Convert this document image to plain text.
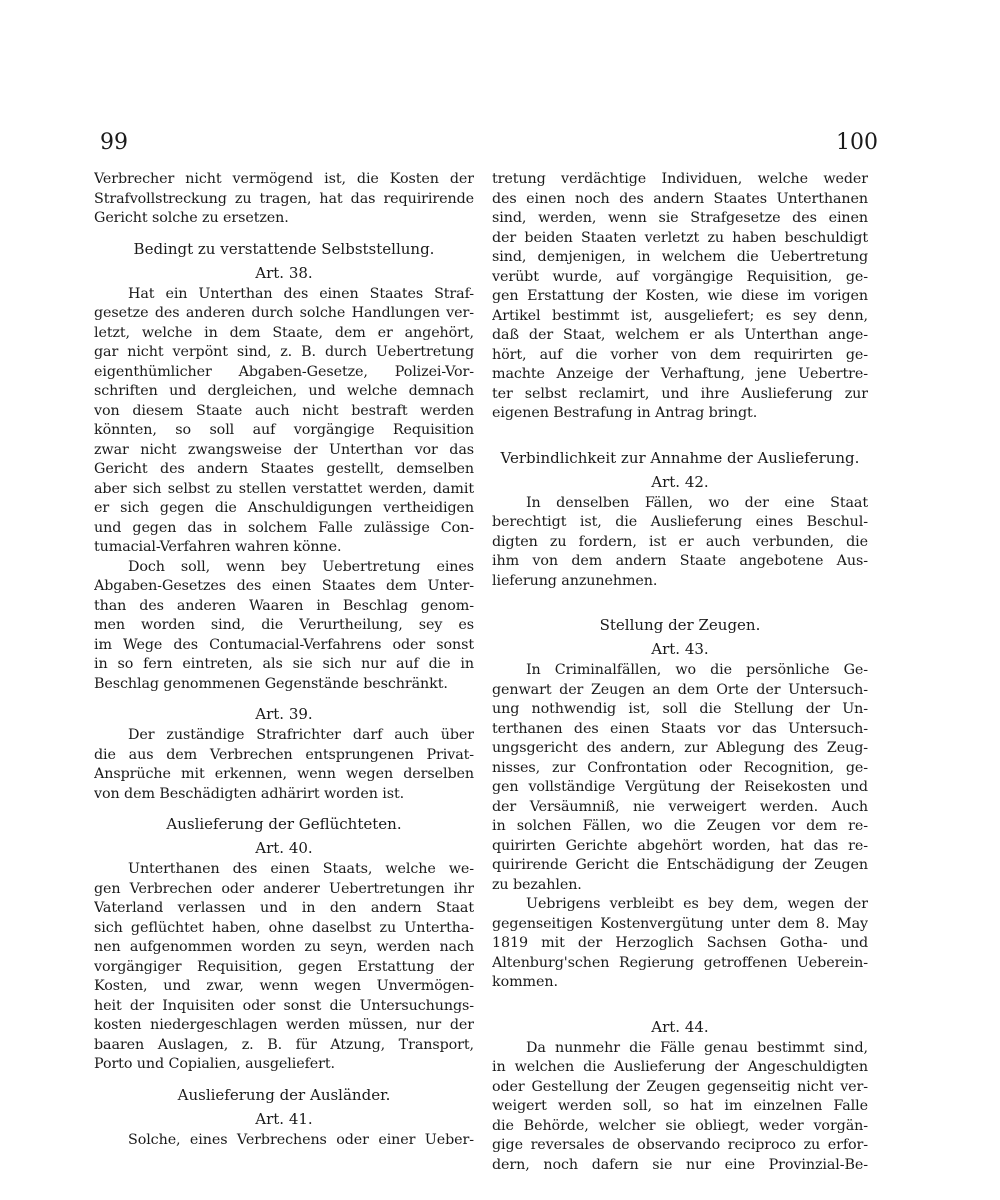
99	100
Verbrecher nicht vermögend ist, die Kosten der
Strafvollstreckung zu tragen, hat das requirirende
Gericht solche zu ersetzen.
Bedingt zu verstattende Selbststellung.
Art. 38.
Hat ein Unterthan des einen Staates Straf-
gesetze des anderen durch solche Handlungen ver-
letzt, welche in dem Staate, dem er angehört,
gar nicht verpönt sind, z. B. durch Uebertretung
eigenthümlicher Abgaben-Gesetze, Polizei-Vor-
schriften und dergleichen, und welche demnach
von diesem Staate auch nicht bestraft werden
könnten, so soll auf vorgängige Requisition
zwar nicht zwangsweise der Unterthan vor das
Gericht des andern Staates gestellt, demselben
aber sich selbst zu stellen verstattet werden, damit
er sich gegen die Anschuldigungen vertheidigen
und gegen das in solchem Falle zulässige Con-
tumacial-Verfahren wahren könne.
Doch soll, wenn bey Uebertretung eines
Abgaben-Gesetzes des einen Staates dem Unter-
than des anderen Waaren in Beschlag genom-
men worden sind, die Verurtheilung, sey es
im Wege des Contumacial-Verfahrens oder sonst
in so fern eintreten, als sie sich nur auf die in
Beschlag genommenen Gegenstände beschränkt.
Art. 39.
Der zuständige Strafrichter darf auch über
die aus dem Verbrechen entsprungenen Privat-
Ansprüche mit erkennen, wenn wegen derselben
von dem Beschädigten adhärirt worden ist.
Auslieferung der Geflüchteten.
Art. 40.
Unterthanen des einen Staats, welche we-
gen Verbrechen oder anderer Uebertretungen ihr
Vaterland verlassen und in den andern Staat
sich geflüchtet haben, ohne daselbst zu Untertha-
nen aufgenommen worden zu seyn, werden nach
vorgängiger Requisition, gegen Erstattung der
Kosten, und zwar, wenn wegen Unvermögen-
heit der Inquisiten oder sonst die Untersuchungs-
kosten niedergeschlagen werden müssen, nur der
baaren Auslagen, z. B. für Atzung, Transport,
Porto und Copialien, ausgeliefert.
Auslieferung der Ausländer.
Art. 41.
Solche, eines Verbrechens oder einer Ueber-
tretung verdächtige Individuen, welche weder
des einen noch des andern Staates Unterthanen
sind, werden, wenn sie Strafgesetze des einen
der beiden Staaten verletzt zu haben beschuldigt
sind, demjenigen, in welchem die Uebertretung
verübt wurde, auf vorgängige Requisition, ge-
gen Erstattung der Kosten, wie diese im vorigen
Artikel bestimmt ist, ausgeliefert; es sey denn,
daß der Staat, welchem er als Unterthan ange-
hört, auf die vorher von dem requirirten ge-
machte Anzeige der Verhaftung, jene Uebertre-
ter selbst reclamirt, und ihre Auslieferung zur
eigenen Bestrafung in Antrag bringt.
Verbindlichkeit zur Annahme der Auslieferung.
Art. 42.
In denselben Fällen, wo der eine Staat
berechtigt ist, die Auslieferung eines Beschul-
digten zu fordern, ist er auch verbunden, die
ihm von dem andern Staate angebotene Aus-
lieferung anzunehmen.
Stellung der Zeugen.
Art. 43.
In Criminalfällen, wo die persönliche Ge-
genwart der Zeugen an dem Orte der Untersuch-
ung nothwendig ist, soll die Stellung der Un-
terthanen des einen Staats vor das Untersuch-
ungsgericht des andern, zur Ablegung des Zeug-
nisses, zur Confrontation oder Recognition, ge-
gen vollständige Vergütung der Reisekosten und
der Versäumniß, nie verweigert werden. Auch
in solchen Fällen, wo die Zeugen vor dem re-
quirirten Gerichte abgehört worden, hat das re-
quirirende Gericht die Entschädigung der Zeugen
zu bezahlen.
Uebrigens verbleibt es bey dem, wegen der
gegenseitigen Kostenvergütung unter dem 8. May
1819 mit der Herzoglich Sachsen Gotha- und
Altenburg'schen Regierung getroffenen Ueberein-
kommen.
Art. 44.
Da nunmehr die Fälle genau bestimmt sind,
in welchen die Auslieferung der Angeschuldigten
oder Gestellung der Zeugen gegenseitig nicht ver-
weigert werden soll, so hat im einzelnen Falle
die Behörde, welcher sie obliegt, weder vorgän-
gige reversales de observando reciproco zu erfor-
dern, noch dafern sie nur eine Provinzial-Be-
